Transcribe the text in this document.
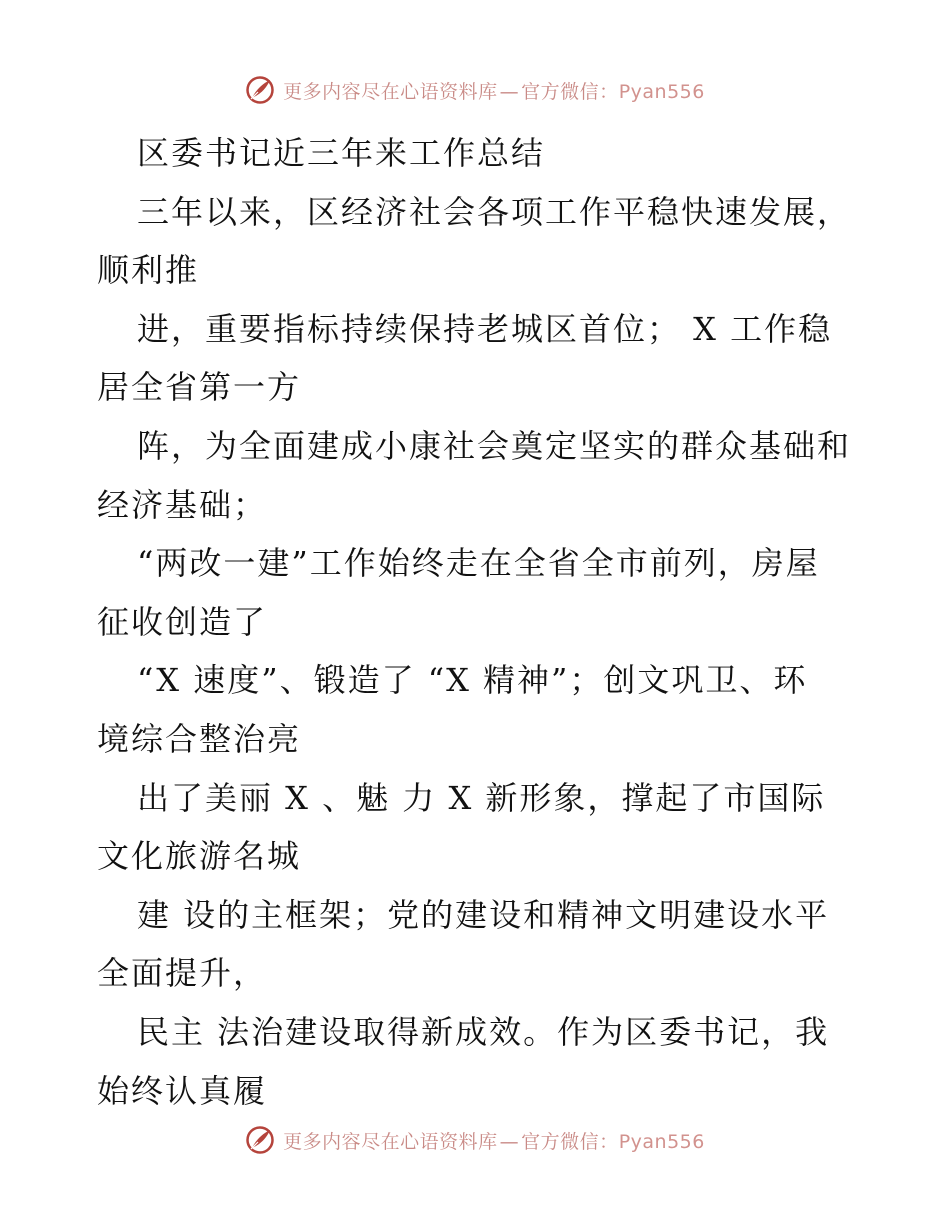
更多内容尽在心语资料库 — 官方微信：Pyan556
区委书记近三年来工作总结
三年以来，区经济社会各项工作平稳快速发展，
顺利推
进，重要指标持续保持老城区首位； X 工作稳
居全省第一方
阵，为全面建成小康社会奠定坚实的群众基础和
经济基础；
“两改一建”工作始终走在全省全市前列，房屋
征收创造了
“X 速度”、锻造了 “X 精神”；创文巩卫、环
境综合整治亮
出了美丽 X 、魅 力 X 新形象，撑起了市国际
文化旅游名城
建 设的主框架；党的建设和精神文明建设水平
全面提升，
民主 法治建设取得新成效。作为区委书记，我
始终认真履
更多内容尽在心语资料库 — 官方微信：Pyan556
